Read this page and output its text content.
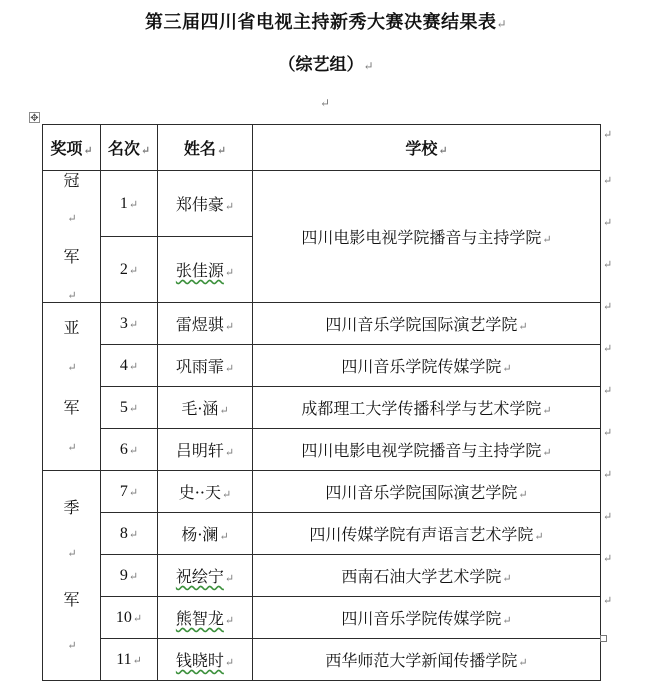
第三届四川省电视主持新秀大赛决赛结果表↵
（综艺组）↵
↵
✥
奖项↵	名次↵	姓名↵	学校↵

冠
↵
军
↵	1↵	郑伟豪↵	四川电影电视学院播音与主持学院↵
	2↵	张佳源↵	

亚
↵
军
↵	3↵	雷煜骐↵	四川音乐学院国际演艺学院↵
	4↵	巩雨霏↵	四川音乐学院传媒学院↵
	5↵	毛·涵↵	成都理工大学传播科学与艺术学院↵
	6↵	吕明轩↵	四川电影电视学院播音与主持学院↵

季
↵
军
↵	7↵	史··天↵	四川音乐学院国际演艺学院↵
	8↵	杨·澜↵	四川传媒学院有声语言艺术学院↵
	9↵	祝绘宁↵	西南石油大学艺术学院↵
	10↵	熊智龙↵	四川音乐学院传媒学院↵
	11↵	钱晓时↵	西华师范大学新闻传播学院↵
↵
↵
↵
↵
↵
↵
↵
↵
↵
↵
↵
↵
